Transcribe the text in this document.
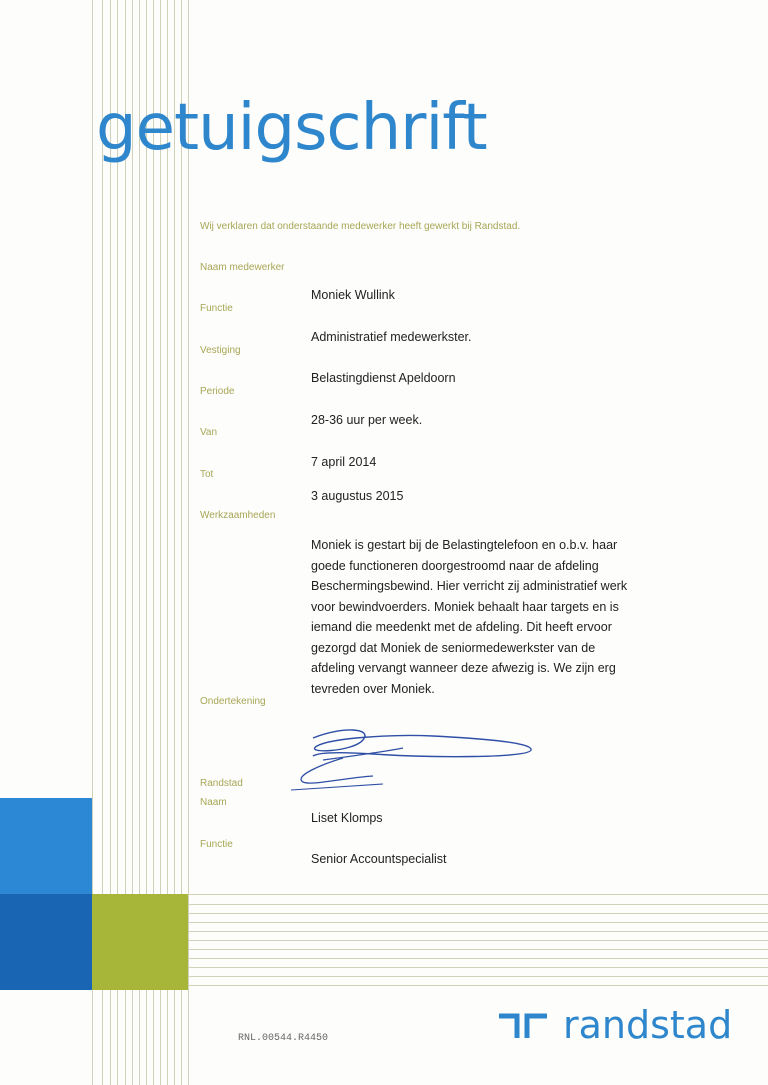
getuigschrift
Wij verklaren dat onderstaande medewerker heeft gewerkt bij Randstad.
Naam medewerker
Functie
Vestiging
Periode
Van
Tot
Werkzaamheden
Moniek Wullink
Administratief medewerkster.
Belastingdienst Apeldoorn
28-36 uur per week.
7 april 2014
3 augustus 2015
Moniek is gestart bij de Belastingtelefoon en o.b.v. haar
goede functioneren doorgestroomd naar de afdeling
Beschermingsbewind. Hier verricht zij administratief werk
voor bewindvoerders. Moniek behaalt haar targets en is
iemand die meedenkt met de afdeling. Dit heeft ervoor
gezorgd dat Moniek de seniormedewerkster van de
afdeling vervangt wanneer deze afwezig is. We zijn erg
tevreden over Moniek.
Ondertekening
Randstad
Naam
Functie
Liset Klomps
Senior Accountspecialist
RNL.00544.R4450	randstad
